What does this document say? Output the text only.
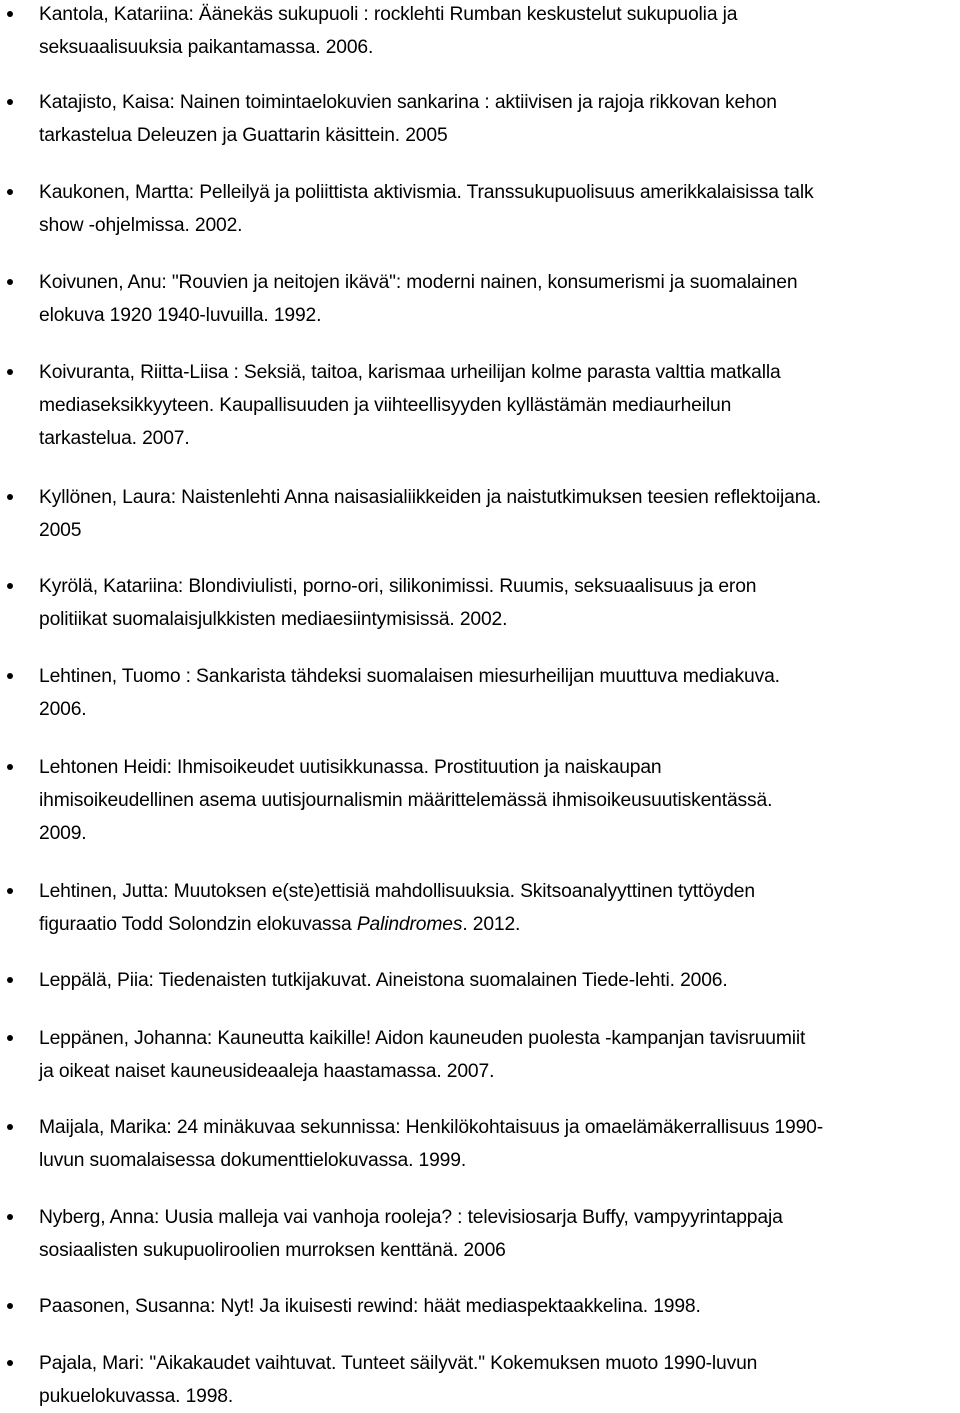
Kantola, Katariina: Äänekäs sukupuoli : rocklehti Rumban keskustelut sukupuolia ja
seksuaalisuuksia paikantamassa. 2006.
Katajisto, Kaisa: Nainen toimintaelokuvien sankarina : aktiivisen ja rajoja rikkovan kehon
tarkastelua Deleuzen ja Guattarin käsittein. 2005
Kaukonen, Martta: Pelleilyä ja poliittista aktivismia. Transsukupuolisuus amerikkalaisissa talk
show -ohjelmissa. 2002.
Koivunen, Anu: "Rouvien ja neitojen ikävä": moderni nainen, konsumerismi ja suomalainen
elokuva 1920 1940-luvuilla. 1992.
Koivuranta, Riitta-Liisa : Seksiä, taitoa, karismaa urheilijan kolme parasta valttia matkalla
mediaseksikkyyteen. Kaupallisuuden ja viihteellisyyden kyllästämän mediaurheilun
tarkastelua. 2007.
Kyllönen, Laura: Naistenlehti Anna naisasialiikkeiden ja naistutkimuksen teesien reflektoijana.
2005
Kyrölä, Katariina: Blondiviulisti, porno-ori, silikonimissi. Ruumis, seksuaalisuus ja eron
politiikat suomalaisjulkkisten mediaesiintymisissä. 2002.
Lehtinen, Tuomo : Sankarista tähdeksi suomalaisen miesurheilijan muuttuva mediakuva.
2006.
Lehtonen Heidi: Ihmisoikeudet uutisikkunassa. Prostituution ja naiskaupan
ihmisoikeudellinen asema uutisjournalismin määrittelemässä ihmisoikeusuutiskentässä.
2009.
Lehtinen, Jutta: Muutoksen e(ste)ettisiä mahdollisuuksia. Skitsoanalyyttinen tyttöyden
figuraatio Todd Solondzin elokuvassa Palindromes. 2012.
Leppälä, Piia: Tiedenaisten tutkijakuvat. Aineistona suomalainen Tiede-lehti. 2006.
Leppänen, Johanna: Kauneutta kaikille! Aidon kauneuden puolesta -kampanjan tavisruumiit
ja oikeat naiset kauneusideaaleja haastamassa. 2007.
Maijala, Marika: 24 minäkuvaa sekunnissa: Henkilökohtaisuus ja omaelämäkerrallisuus 1990-
luvun suomalaisessa dokumenttielokuvassa. 1999.
Nyberg, Anna: Uusia malleja vai vanhoja rooleja? : televisiosarja Buffy, vampyyrintappaja
sosiaalisten sukupuoliroolien murroksen kenttänä. 2006
Paasonen, Susanna: Nyt! Ja ikuisesti rewind: häät mediaspektaakkelina. 1998.
Pajala, Mari: "Aikakaudet vaihtuvat. Tunteet säilyvät." Kokemuksen muoto 1990-luvun
pukuelokuvassa. 1998.
